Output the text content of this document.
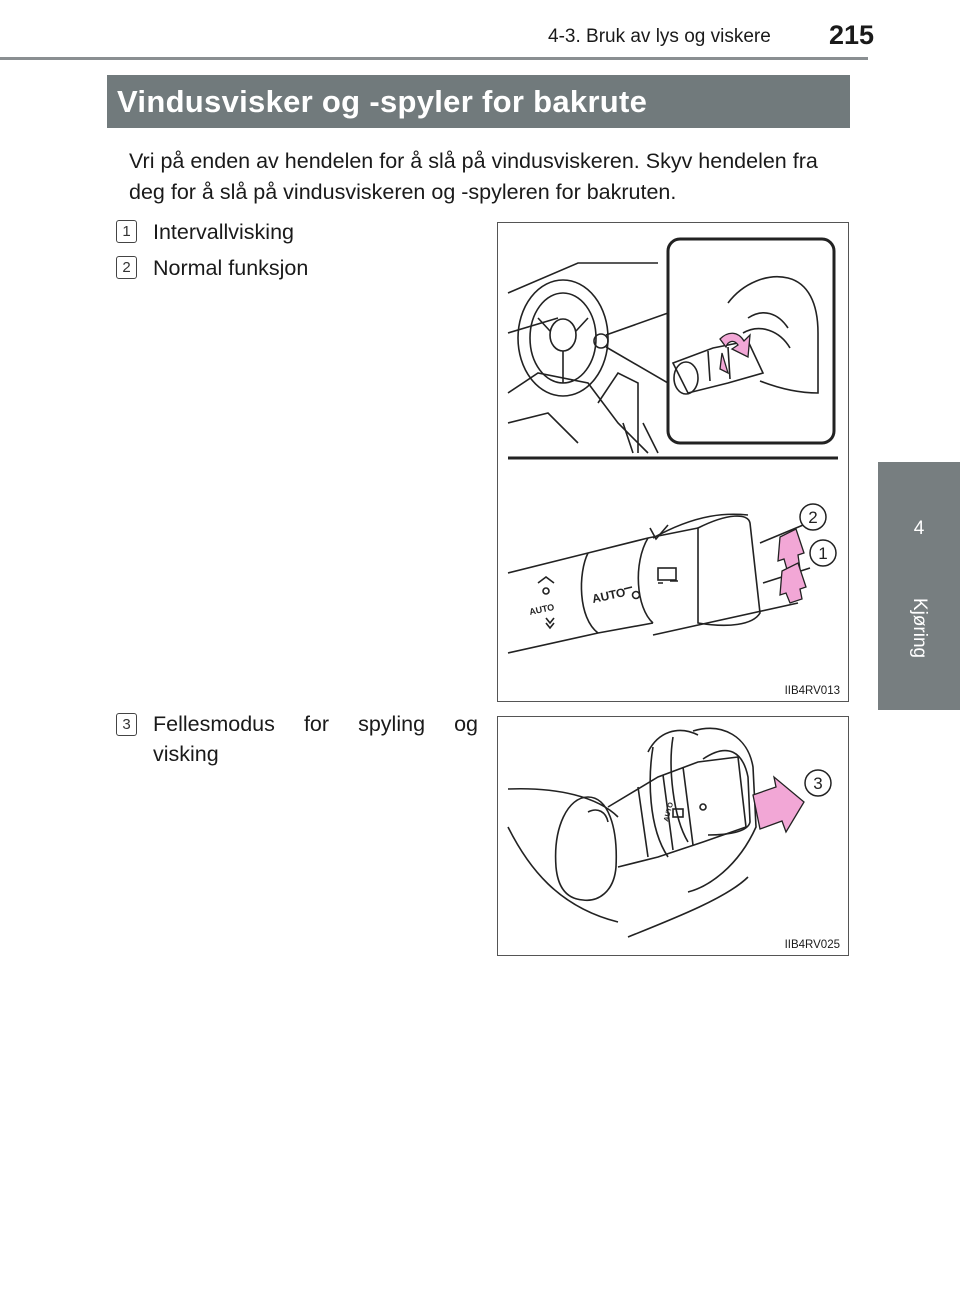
4-3. Bruk av lys og viskere 215
4
Kjøring
Vindusvisker og -spyler for bakrute
Vri på enden av hendelen for å slå på vindusviskeren. Skyv hendelen fra deg for å slå på vindusviskeren og -spyleren for bakruten.
1 Intervallvisking
2 Normal funksjon
3 Fellesmodus for spyling og visking
AUTO
AUTO
2
1
IIB4RV013
AUTO
3
IIB4RV025
